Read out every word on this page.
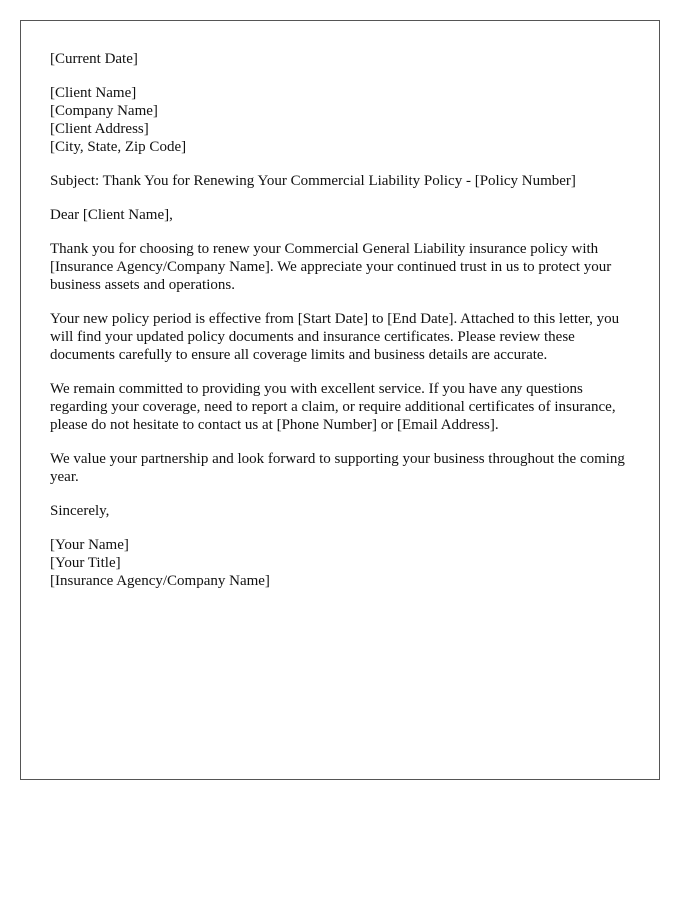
[Current Date]
[Client Name]
[Company Name]
[Client Address]
[City, State, Zip Code]
Subject: Thank You for Renewing Your Commercial Liability Policy - [Policy Number]
Dear [Client Name],

Thank you for choosing to renew your Commercial General Liability insurance policy with [Insurance Agency/Company Name]. We appreciate your continued trust in us to protect your business assets and operations.

Your new policy period is effective from [Start Date] to [End Date]. Attached to this letter, you will find your updated policy documents and insurance certificates. Please review these documents carefully to ensure all coverage limits and business details are accurate.

We remain committed to providing you with excellent service. If you have any questions regarding your coverage, need to report a claim, or require additional certificates of insurance, please do not hesitate to contact us at [Phone Number] or [Email Address].

We value your partnership and look forward to supporting your business throughout the coming year.

Sincerely,
[Your Name]
[Your Title]
[Insurance Agency/Company Name]
